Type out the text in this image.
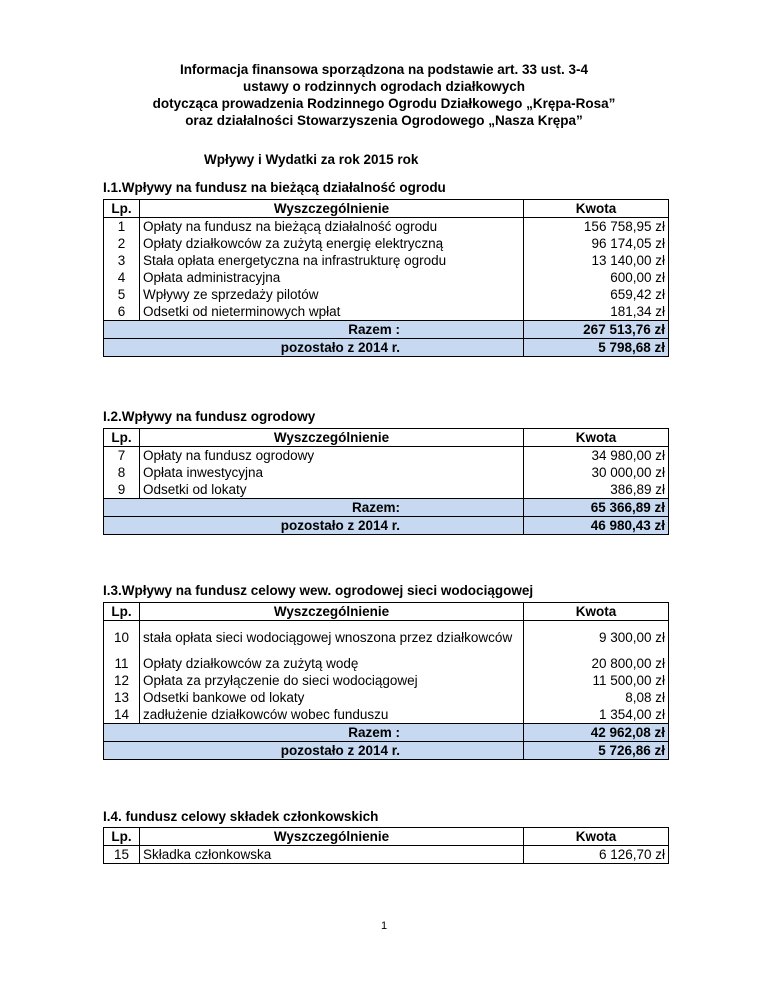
Informacja finansowa sporządzona na podstawie art. 33 ust. 3-4
ustawy o rodzinnych ogrodach działkowych
dotycząca prowadzenia Rodzinnego Ogrodu Działkowego „Krępa-Rosa”
oraz działalności Stowarzyszenia Ogrodowego „Nasza Krępa”
Wpływy i Wydatki za rok 2015 rok
I.1.Wpływy na fundusz na bieżącą działalność ogrodu
Lp.	Wyszczególnienie	Kwota
1	Opłaty na fundusz na bieżącą działalność ogrodu	156 758,95 zł
2	Opłaty działkowców za zużytą energię elektryczną	96 174,05 zł
3	Stała opłata energetyczna na infrastrukturę ogrodu	13 140,00 zł
4	Opłata administracyjna	600,00 zł
5	Wpływy ze sprzedaży pilotów	659,42 zł
6	Odsetki od nieterminowych wpłat	181,34 zł
Razem :		267 513,76 zł
pozostało z 2014 r.		5 798,68 zł
I.2.Wpływy na fundusz ogrodowy
Lp.	Wyszczególnienie	Kwota
7	Opłaty na fundusz ogrodowy	34 980,00 zł
8	Opłata inwestycyjna	30 000,00 zł
9	Odsetki od lokaty	386,89 zł
Razem:		65 366,89 zł
pozostało z 2014 r.		46 980,43 zł
I.3.Wpływy na fundusz celowy wew. ogrodowej sieci wodociągowej
Lp.	Wyszczególnienie	Kwota
10	stała opłata sieci wodociągowej wnoszona przez działkowców	9 300,00 zł
11	Opłaty działkowców za zużytą wodę	20 800,00 zł
12	Opłata za przyłączenie do sieci wodociągowej	11 500,00 zł
13	Odsetki bankowe od lokaty	8,08 zł
14	zadłużenie działkowców wobec funduszu	1 354,00 zł
Razem :		42 962,08 zł
pozostało z 2014 r.		5 726,86 zł
I.4. fundusz celowy składek członkowskich
Lp.	Wyszczególnienie	Kwota
15	Składka członkowska	6 126,70 zł
1
